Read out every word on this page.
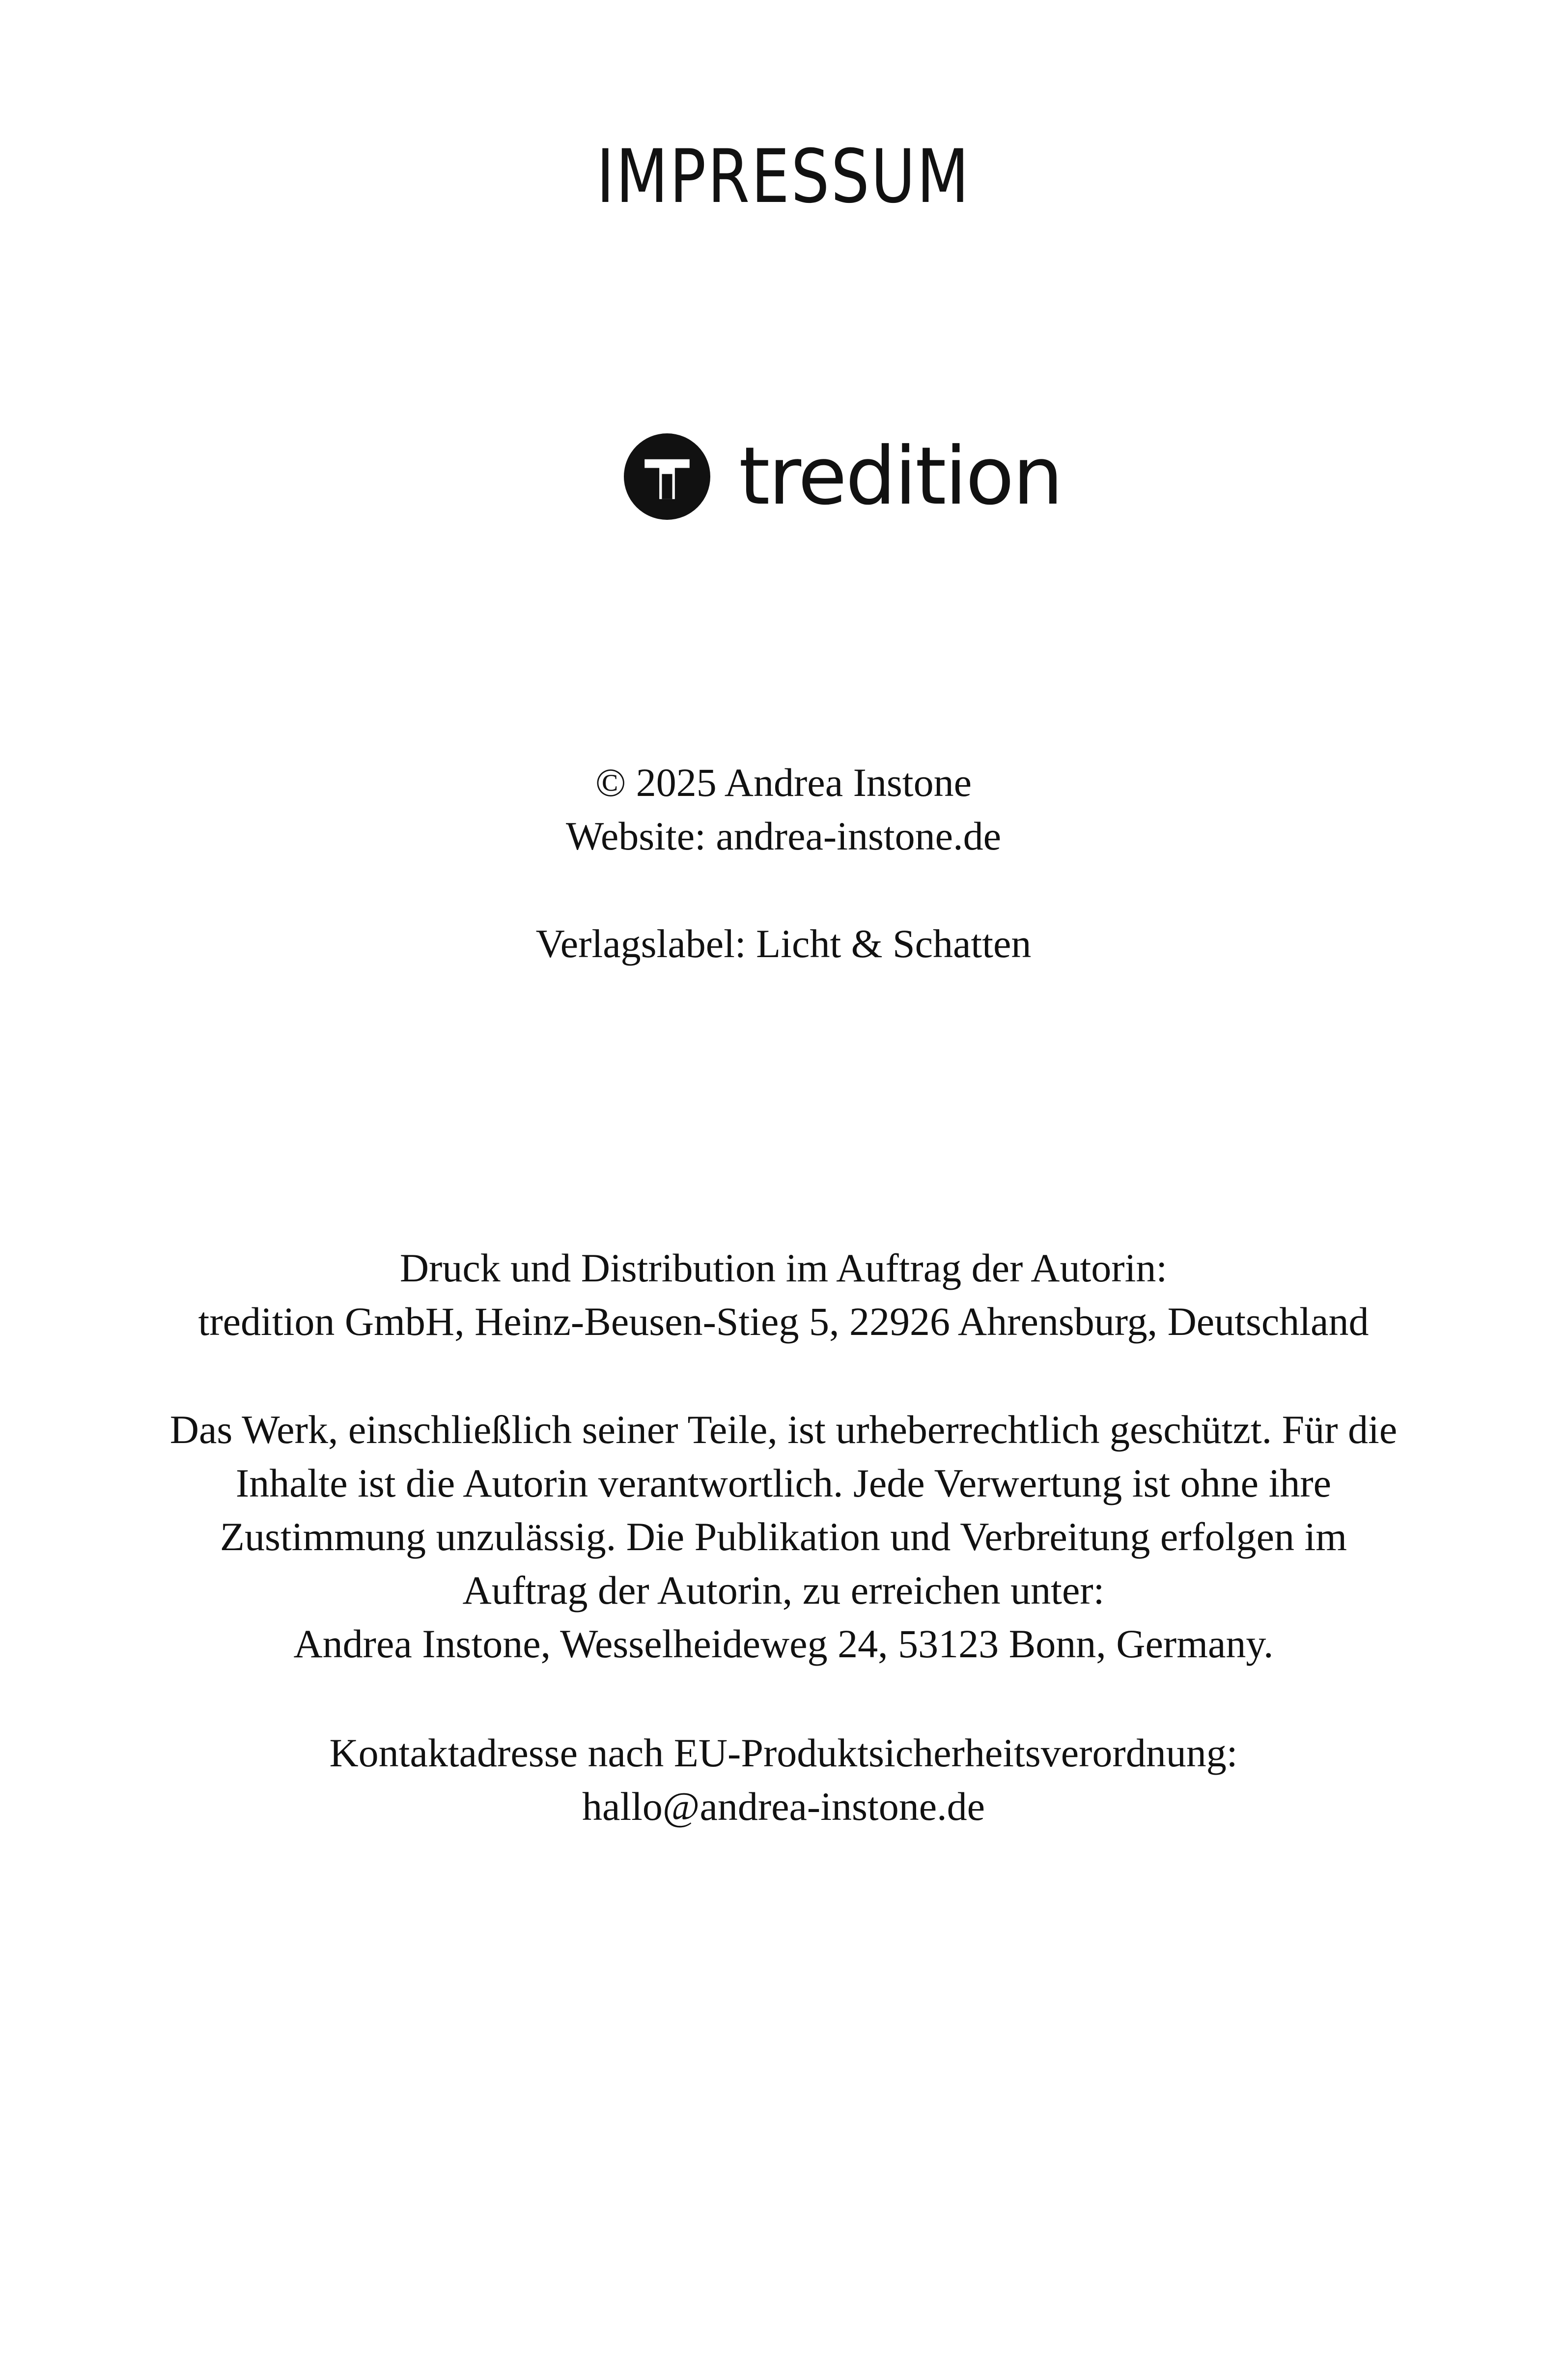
IMPRESSUM
tredition
© 2025 Andrea Instone
Website: andrea-instone.de
Verlagslabel: Licht & Schatten
Druck und Distribution im Auftrag der Autorin:
tredition GmbH, Heinz-Beusen-Stieg 5, 22926 Ahrensburg, Deutschland
Das Werk, einschließlich seiner Teile, ist urheberrechtlich geschützt. Für die
Inhalte ist die Autorin verantwortlich. Jede Verwertung ist ohne ihre
Zustimmung unzulässig. Die Publikation und Verbreitung erfolgen im
Auftrag der Autorin, zu erreichen unter:
Andrea Instone, Wesselheideweg 24, 53123 Bonn, Germany.
Kontaktadresse nach EU-Produktsicherheitsverordnung:
hallo@andrea-instone.de
